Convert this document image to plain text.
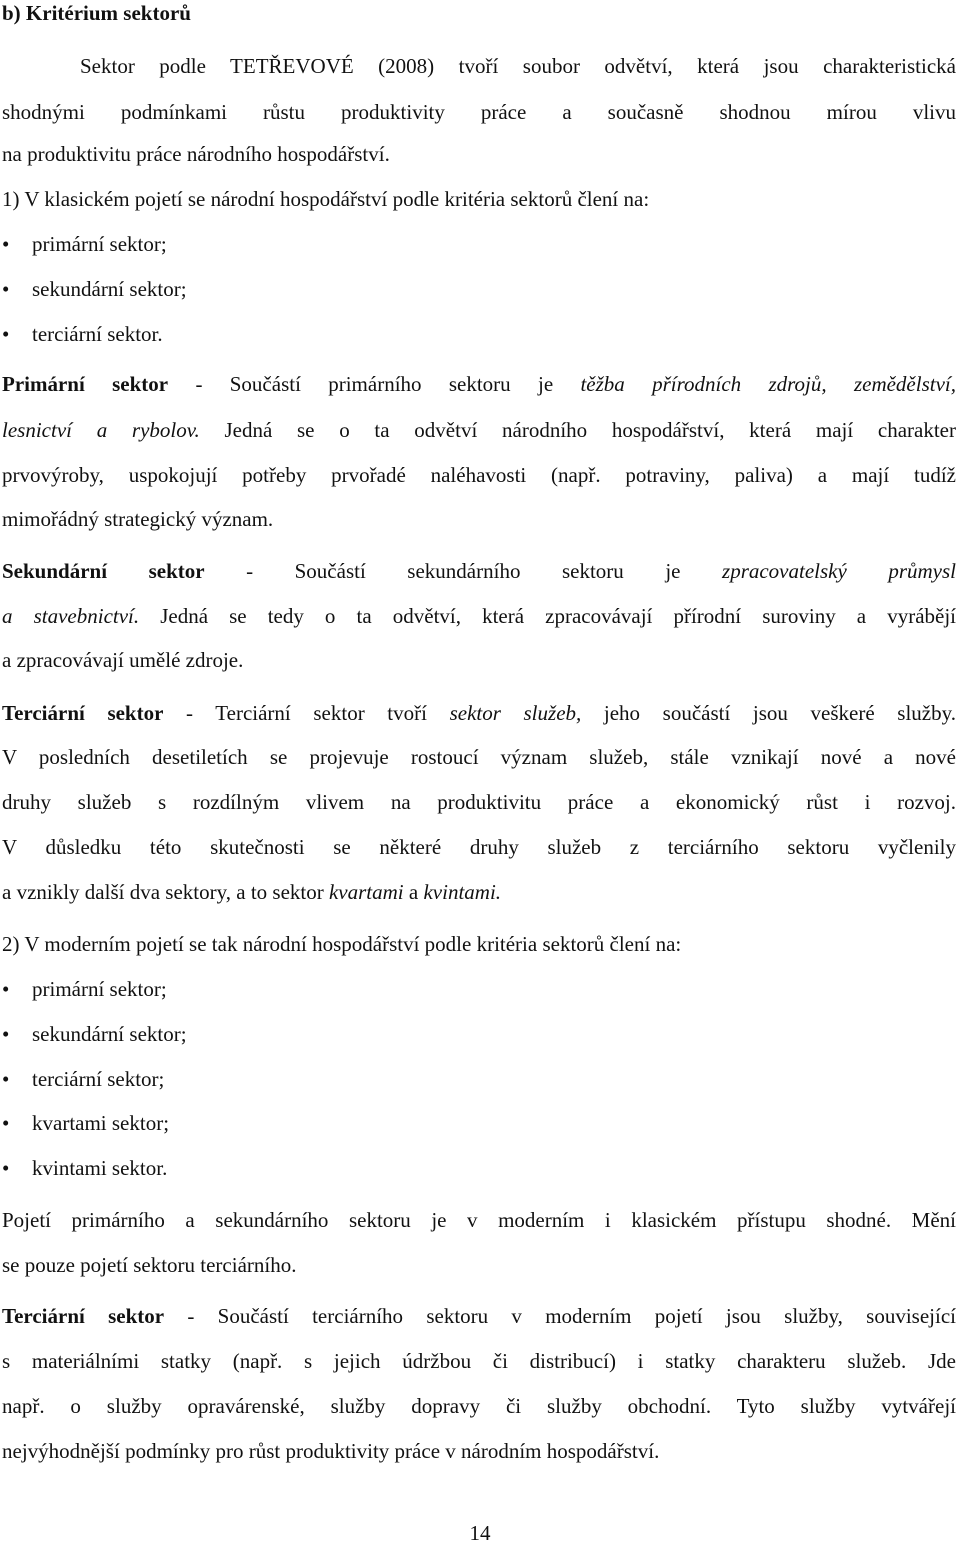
b) Kritérium sektorů
Sektor podle TETŘEVOVÉ (2008) tvoří soubor odvětví, která jsou charakteristická
shodnými podmínkami růstu produktivity práce a současně shodnou mírou vlivu
na produktivitu práce národního hospodářství.
1) V klasickém pojetí se národní hospodářství podle kritéria sektorů člení na:
•	primární sektor;
•	sekundární sektor;
•	terciární sektor.
Primární sektor - Součástí primárního sektoru je těžba přírodních zdrojů, zemědělství,
lesnictví a rybolov. Jedná se o ta odvětví národního hospodářství, která mají charakter
prvovýroby, uspokojují potřeby prvořadé naléhavosti (např. potraviny, paliva) a mají tudíž
mimořádný strategický význam.
Sekundární sektor - Součástí sekundárního sektoru je zpracovatelský průmysl
a stavebnictví. Jedná se tedy o ta odvětví, která zpracovávají přírodní suroviny a vyrábějí
a zpracovávají umělé zdroje.
Terciární sektor - Terciární sektor tvoří sektor služeb, jeho součástí jsou veškeré služby.
V posledních desetiletích se projevuje rostoucí význam služeb, stále vznikají nové a nové
druhy služeb s rozdílným vlivem na produktivitu práce a ekonomický růst i rozvoj.
V důsledku této skutečnosti se některé druhy služeb z terciárního sektoru vyčlenily
a vznikly další dva sektory, a to sektor kvartami a kvintami.
2) V moderním pojetí se tak národní hospodářství podle kritéria sektorů člení na:
•	primární sektor;
•	sekundární sektor;
•	terciární sektor;
•	kvartami sektor;
•	kvintami sektor.
Pojetí primárního a sekundárního sektoru je v moderním i klasickém přístupu shodné. Mění
se pouze pojetí sektoru terciárního.
Terciární sektor - Součástí terciárního sektoru v moderním pojetí jsou služby, související
s materiálními statky (např. s jejich údržbou či distribucí) i statky charakteru služeb. Jde
např. o služby opravárenské, služby dopravy či služby obchodní. Tyto služby vytvářejí
nejvýhodnější podmínky pro růst produktivity práce v národním hospodářství.
14
